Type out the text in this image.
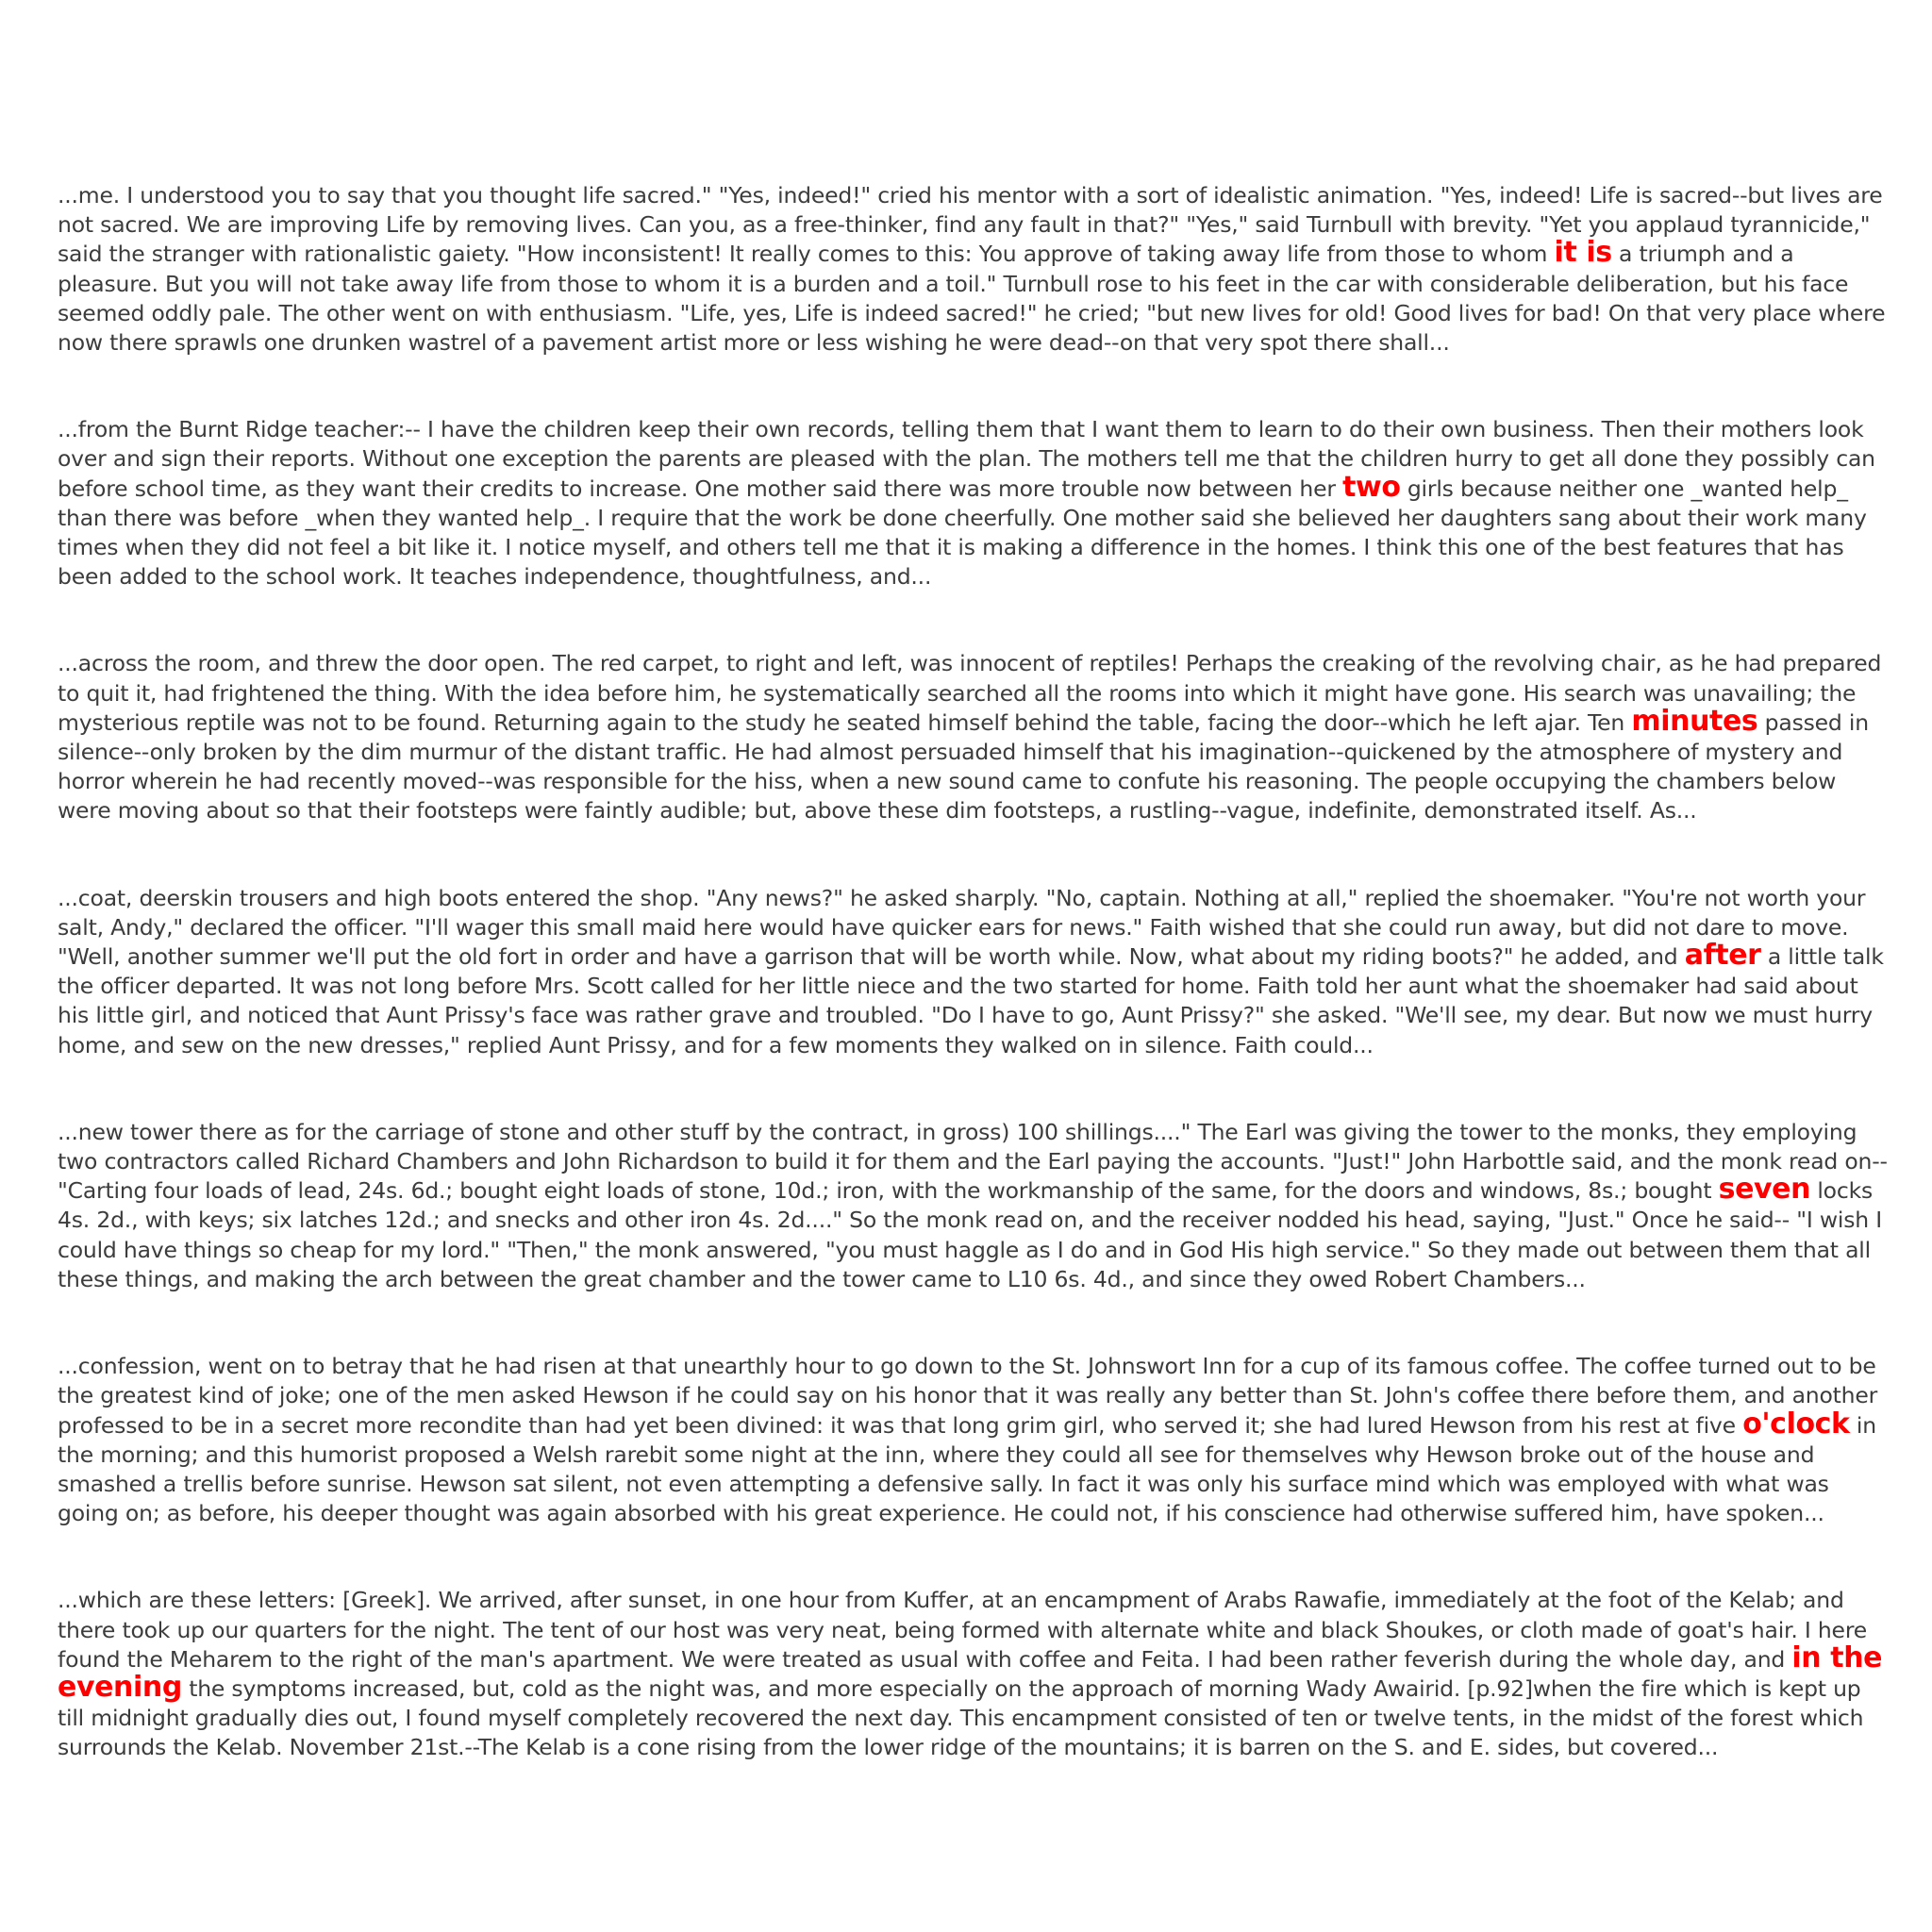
...me. I understood you to say that you thought life sacred." "Yes, indeed!" cried his mentor with a sort of idealistic animation. "Yes, indeed! Life is sacred--but lives are not sacred. We are improving Life by removing lives. Can you, as a free-thinker, find any fault in that?" "Yes," said Turnbull with brevity. "Yet you applaud tyrannicide," said the stranger with rationalistic gaiety. "How inconsistent! It really comes to this: You approve of taking away life from those to whom it is a triumph and a pleasure. But you will not take away life from those to whom it is a burden and a toil." Turnbull rose to his feet in the car with considerable deliberation, but his face seemed oddly pale. The other went on with enthusiasm. "Life, yes, Life is indeed sacred!" he cried; "but new lives for old! Good lives for bad! On that very place where now there sprawls one drunken wastrel of a pavement artist more or less wishing he were dead--on that very spot there shall...

...from the Burnt Ridge teacher:-- I have the children keep their own records, telling them that I want them to learn to do their own business. Then their mothers look over and sign their reports. Without one exception the parents are pleased with the plan. The mothers tell me that the children hurry to get all done they possibly can before school time, as they want their credits to increase. One mother said there was more trouble now between her two girls because neither one _wanted help_ than there was before _when they wanted help_. I require that the work be done cheerfully. One mother said she believed her daughters sang about their work many times when they did not feel a bit like it. I notice myself, and others tell me that it is making a difference in the homes. I think this one of the best features that has been added to the school work. It teaches independence, thoughtfulness, and...

...across the room, and threw the door open. The red carpet, to right and left, was innocent of reptiles! Perhaps the creaking of the revolving chair, as he had prepared to quit it, had frightened the thing. With the idea before him, he systematically searched all the rooms into which it might have gone. His search was unavailing; the mysterious reptile was not to be found. Returning again to the study he seated himself behind the table, facing the door--which he left ajar. Ten minutes passed in silence--only broken by the dim murmur of the distant traffic. He had almost persuaded himself that his imagination--quickened by the atmosphere of mystery and horror wherein he had recently moved--was responsible for the hiss, when a new sound came to confute his reasoning. The people occupying the chambers below were moving about so that their footsteps were faintly audible; but, above these dim footsteps, a rustling--vague, indefinite, demonstrated itself. As...

...coat, deerskin trousers and high boots entered the shop. "Any news?" he asked sharply. "No, captain. Nothing at all," replied the shoemaker. "You're not worth your salt, Andy," declared the officer. "I'll wager this small maid here would have quicker ears for news." Faith wished that she could run away, but did not dare to move. "Well, another summer we'll put the old fort in order and have a garrison that will be worth while. Now, what about my riding boots?" he added, and after a little talk the officer departed. It was not long before Mrs. Scott called for her little niece and the two started for home. Faith told her aunt what the shoemaker had said about his little girl, and noticed that Aunt Prissy's face was rather grave and troubled. "Do I have to go, Aunt Prissy?" she asked. "We'll see, my dear. But now we must hurry home, and sew on the new dresses," replied Aunt Prissy, and for a few moments they walked on in silence. Faith could...

...new tower there as for the carriage of stone and other stuff by the contract, in gross) 100 shillings...." The Earl was giving the tower to the monks, they employing two contractors called Richard Chambers and John Richardson to build it for them and the Earl paying the accounts. "Just!" John Harbottle said, and the monk read on-- "Carting four loads of lead, 24s. 6d.; bought eight loads of stone, 10d.; iron, with the workmanship of the same, for the doors and windows, 8s.; bought seven locks 4s. 2d., with keys; six latches 12d.; and snecks and other iron 4s. 2d...." So the monk read on, and the receiver nodded his head, saying, "Just." Once he said-- "I wish I could have things so cheap for my lord." "Then," the monk answered, "you must haggle as I do and in God His high service." So they made out between them that all these things, and making the arch between the great chamber and the tower came to L10 6s. 4d., and since they owed Robert Chambers...

...confession, went on to betray that he had risen at that unearthly hour to go down to the St. Johnswort Inn for a cup of its famous coffee. The coffee turned out to be the greatest kind of joke; one of the men asked Hewson if he could say on his honor that it was really any better than St. John's coffee there before them, and another professed to be in a secret more recondite than had yet been divined: it was that long grim girl, who served it; she had lured Hewson from his rest at five o'clock in the morning; and this humorist proposed a Welsh rarebit some night at the inn, where they could all see for themselves why Hewson broke out of the house and smashed a trellis before sunrise. Hewson sat silent, not even attempting a defensive sally. In fact it was only his surface mind which was employed with what was going on; as before, his deeper thought was again absorbed with his great experience. He could not, if his conscience had otherwise suffered him, have spoken...

...which are these letters: [Greek]. We arrived, after sunset, in one hour from Kuffer, at an encampment of Arabs Rawafie, immediately at the foot of the Kelab; and there took up our quarters for the night. The tent of our host was very neat, being formed with alternate white and black Shoukes, or cloth made of goat's hair. I here found the Meharem to the right of the man's apartment. We were treated as usual with coffee and Feita. I had been rather feverish during the whole day, and in the evening the symptoms increased, but, cold as the night was, and more especially on the approach of morning Wady Awairid. [p.92]when the fire which is kept up till midnight gradually dies out, I found myself completely recovered the next day. This encampment consisted of ten or twelve tents, in the midst of the forest which surrounds the Kelab. November 21st.--The Kelab is a cone rising from the lower ridge of the mountains; it is barren on the S. and E. sides, but covered...
